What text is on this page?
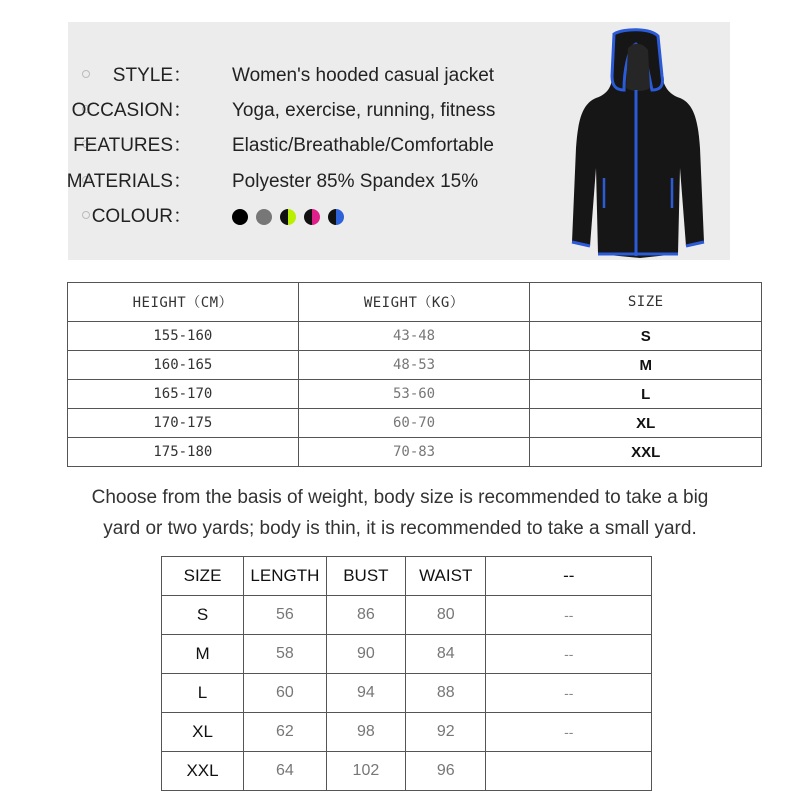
STYLE： Women's hooded casual jacket
OCCASION： Yoga, exercise, running, fitness
FEATURES： Elastic/Breathable/Comfortable
MATERIALS： Polyester 85% Spandex 15%
COLOUR：
HEIGHT（CM）	WEIGHT（KG）	SIZE
155-160	43-48	S
160-165	48-53	M
165-170	53-60	L
170-175	60-70	XL
175-180	70-83	XXL
Choose from the basis of weight, body size is recommended to take a big
yard or two yards; body is thin, it is recommended to take a small yard.
SIZE	LENGTH	BUST	WAIST	--
S	56	86	80	--
M	58	90	84	--
L	60	94	88	--
XL	62	98	92	--
XXL	64	102	96	
